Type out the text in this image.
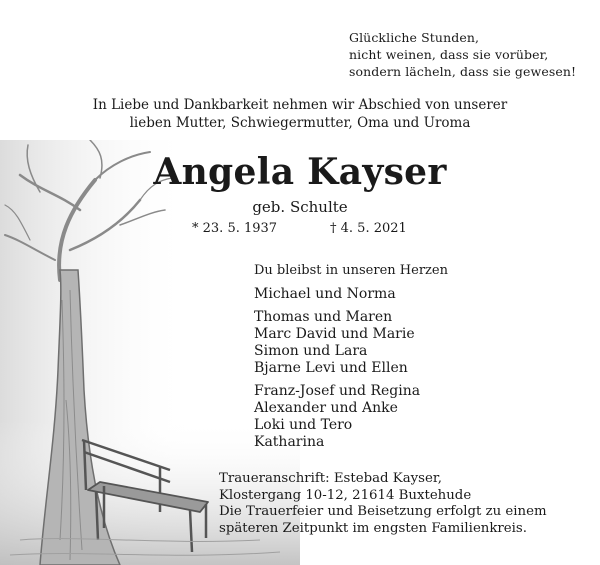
Glückliche Stunden,
nicht weinen, dass sie vorüber,
sondern lächeln, dass sie gewesen!
In Liebe und Dankbarkeit nehmen wir Abschied von unserer
lieben Mutter, Schwiegermutter, Oma und Uroma
Angela Kayser
geb. Schulte
* 23. 5. 1937	† 4. 5. 2021
Du bleibst in unseren Herzen
Michael und Norma
Thomas und Maren
Marc David und Marie
Simon und Lara
Bjarne Levi und Ellen
Franz-Josef und Regina
Alexander und Anke
Loki und Tero
Katharina
Traueranschrift: Estebad Kayser,
Klostergang 10-12, 21614 Buxtehude
Die Trauerfeier und Beisetzung erfolgt zu einem
späteren Zeitpunkt im engsten Familienkreis.
